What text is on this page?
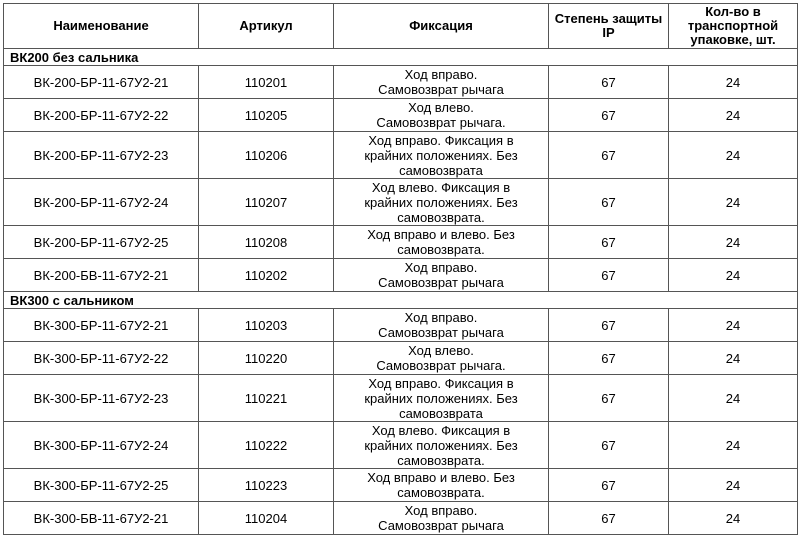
Наименование	Артикул	Фиксация	Степень защиты IP	Кол-во в транспортной упаковке, шт.
ВК200 без сальника				
ВК-200-БР-11-67У2-21	110201	Ход вправо.
Самовозврат рычага	67	24
ВК-200-БР-11-67У2-22	110205	Ход влево.
Самовозврат рычага.	67	24
ВК-200-БР-11-67У2-23	110206	Ход вправо. Фиксация в
крайних положениях. Без
самовозврата	67	24
ВК-200-БР-11-67У2-24	110207	Ход влево. Фиксация в
крайних положениях. Без
самовозврата.	67	24
ВК-200-БР-11-67У2-25	110208	Ход вправо и влево. Без
самовозврата.	67	24
ВК-200-БВ-11-67У2-21	110202	Ход вправо.
Самовозврат рычага	67	24
ВК300 с сальником				
ВК-300-БР-11-67У2-21	110203	Ход вправо.
Самовозврат рычага	67	24
ВК-300-БР-11-67У2-22	110220	Ход влево.
Самовозврат рычага.	67	24
ВК-300-БР-11-67У2-23	110221	Ход вправо. Фиксация в
крайних положениях. Без
самовозврата	67	24
ВК-300-БР-11-67У2-24	110222	Ход влево. Фиксация в
крайних положениях. Без
самовозврата.	67	24
ВК-300-БР-11-67У2-25	110223	Ход вправо и влево. Без
самовозврата.	67	24
ВК-300-БВ-11-67У2-21	110204	Ход вправо.
Самовозврат рычага	67	24
